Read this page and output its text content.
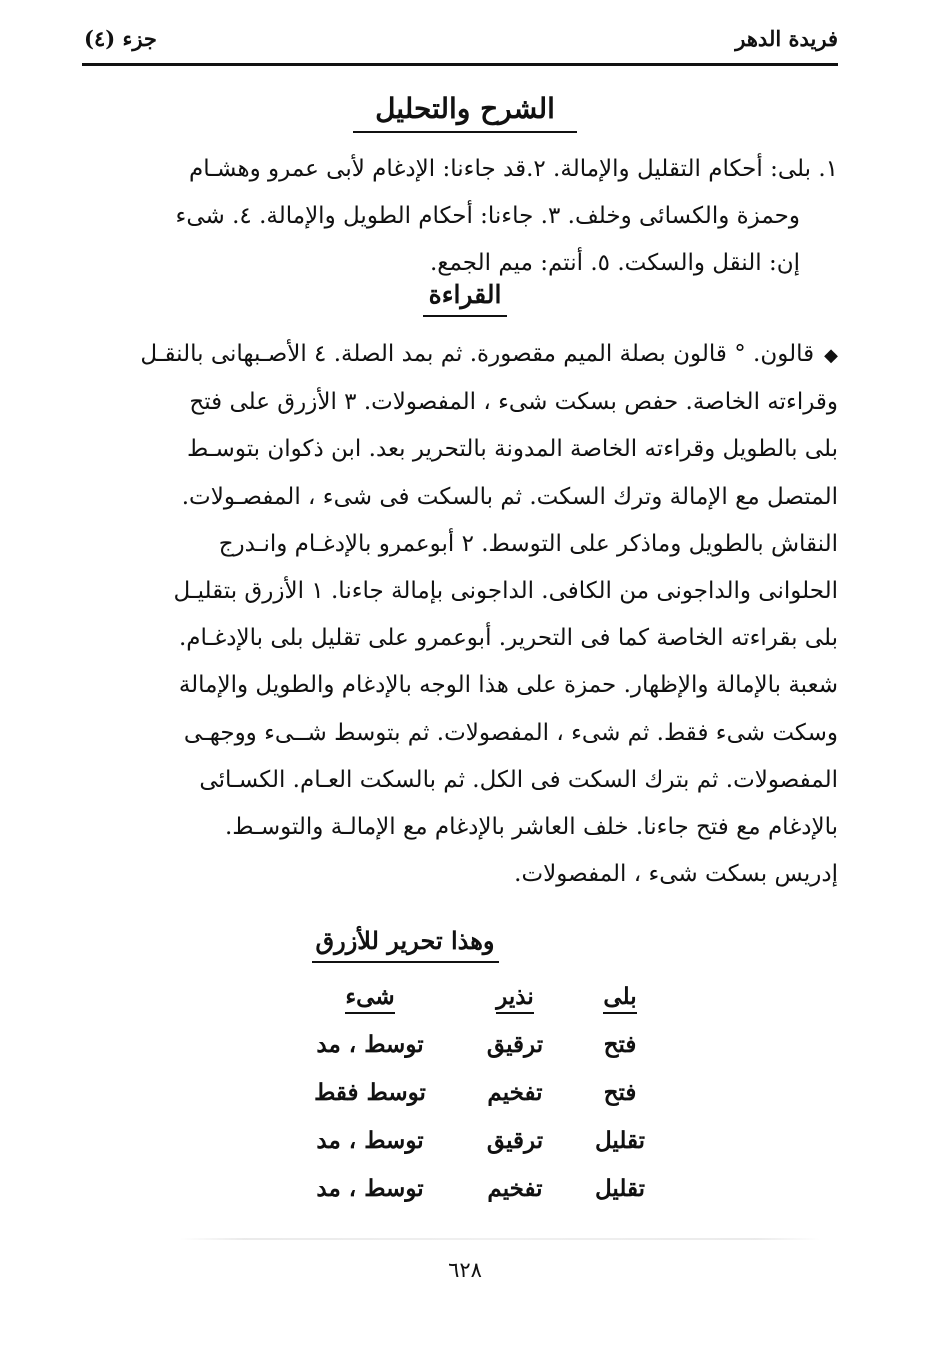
فريدة الدهر
جزء (٤)
الشرح والتحليل

١. بلى: أحكام التقليل والإمالة. ٢.قد جاءنا: الإدغام لأبى عمرو وهشـام

وحمزة والكسائى وخلف. ٣. جاءنا: أحكام الطويل والإمالة. ٤. شىء

إن: النقل والسكت. ٥. أنتم: ميم الجمع.

القراءة

◆قالون. ° قالون بصلة الميم مقصورة. ثم بمد الصلة. ٤ الأصـبهانى بالنقـل

وقراءته الخاصة. حفص بسكت شىء ، المفصولات. ٣ الأزرق على فتح

بلى بالطويل وقراءته الخاصة المدونة بالتحرير بعد. ابن ذكوان بتوسـط

المتصل مع الإمالة وترك السكت. ثم بالسكت فى شىء ، المفصـولات.

النقاش بالطويل وماذكر على التوسط. ٢ أبوعمرو بالإدغـام وانـدرج

الحلوانى والداجونى من الكافى. الداجونى بإمالة جاءنا. ١ الأزرق بتقليـل

بلى بقراءته الخاصة كما فى التحرير. أبوعمرو على تقليل بلى بالإدغـام.

شعبة بالإمالة والإظهار. حمزة على هذا الوجه بالإدغام والطويل والإمالة

وسكت شىء فقط. ثم شىء ، المفصولات. ثم بتوسط شــىء ووجهـى

المفصولات. ثم بترك السكت فى الكل. ثم بالسكت العـام. الكسـائى

بالإدغام مع فتح جاءنا. خلف العاشر بالإدغام مع الإمالـة والتوسـط.

إدريس بسكت شىء ، المفصولات.

وهذا تحرير للأزرق
بلى
نذير
شىء
فتح
ترقيق
توسط ، مد
فتح
تفخيم
توسط فقط
تقليل
ترقيق
توسط ، مد
تقليل
تفخيم
توسط ، مد
٦٢٨
